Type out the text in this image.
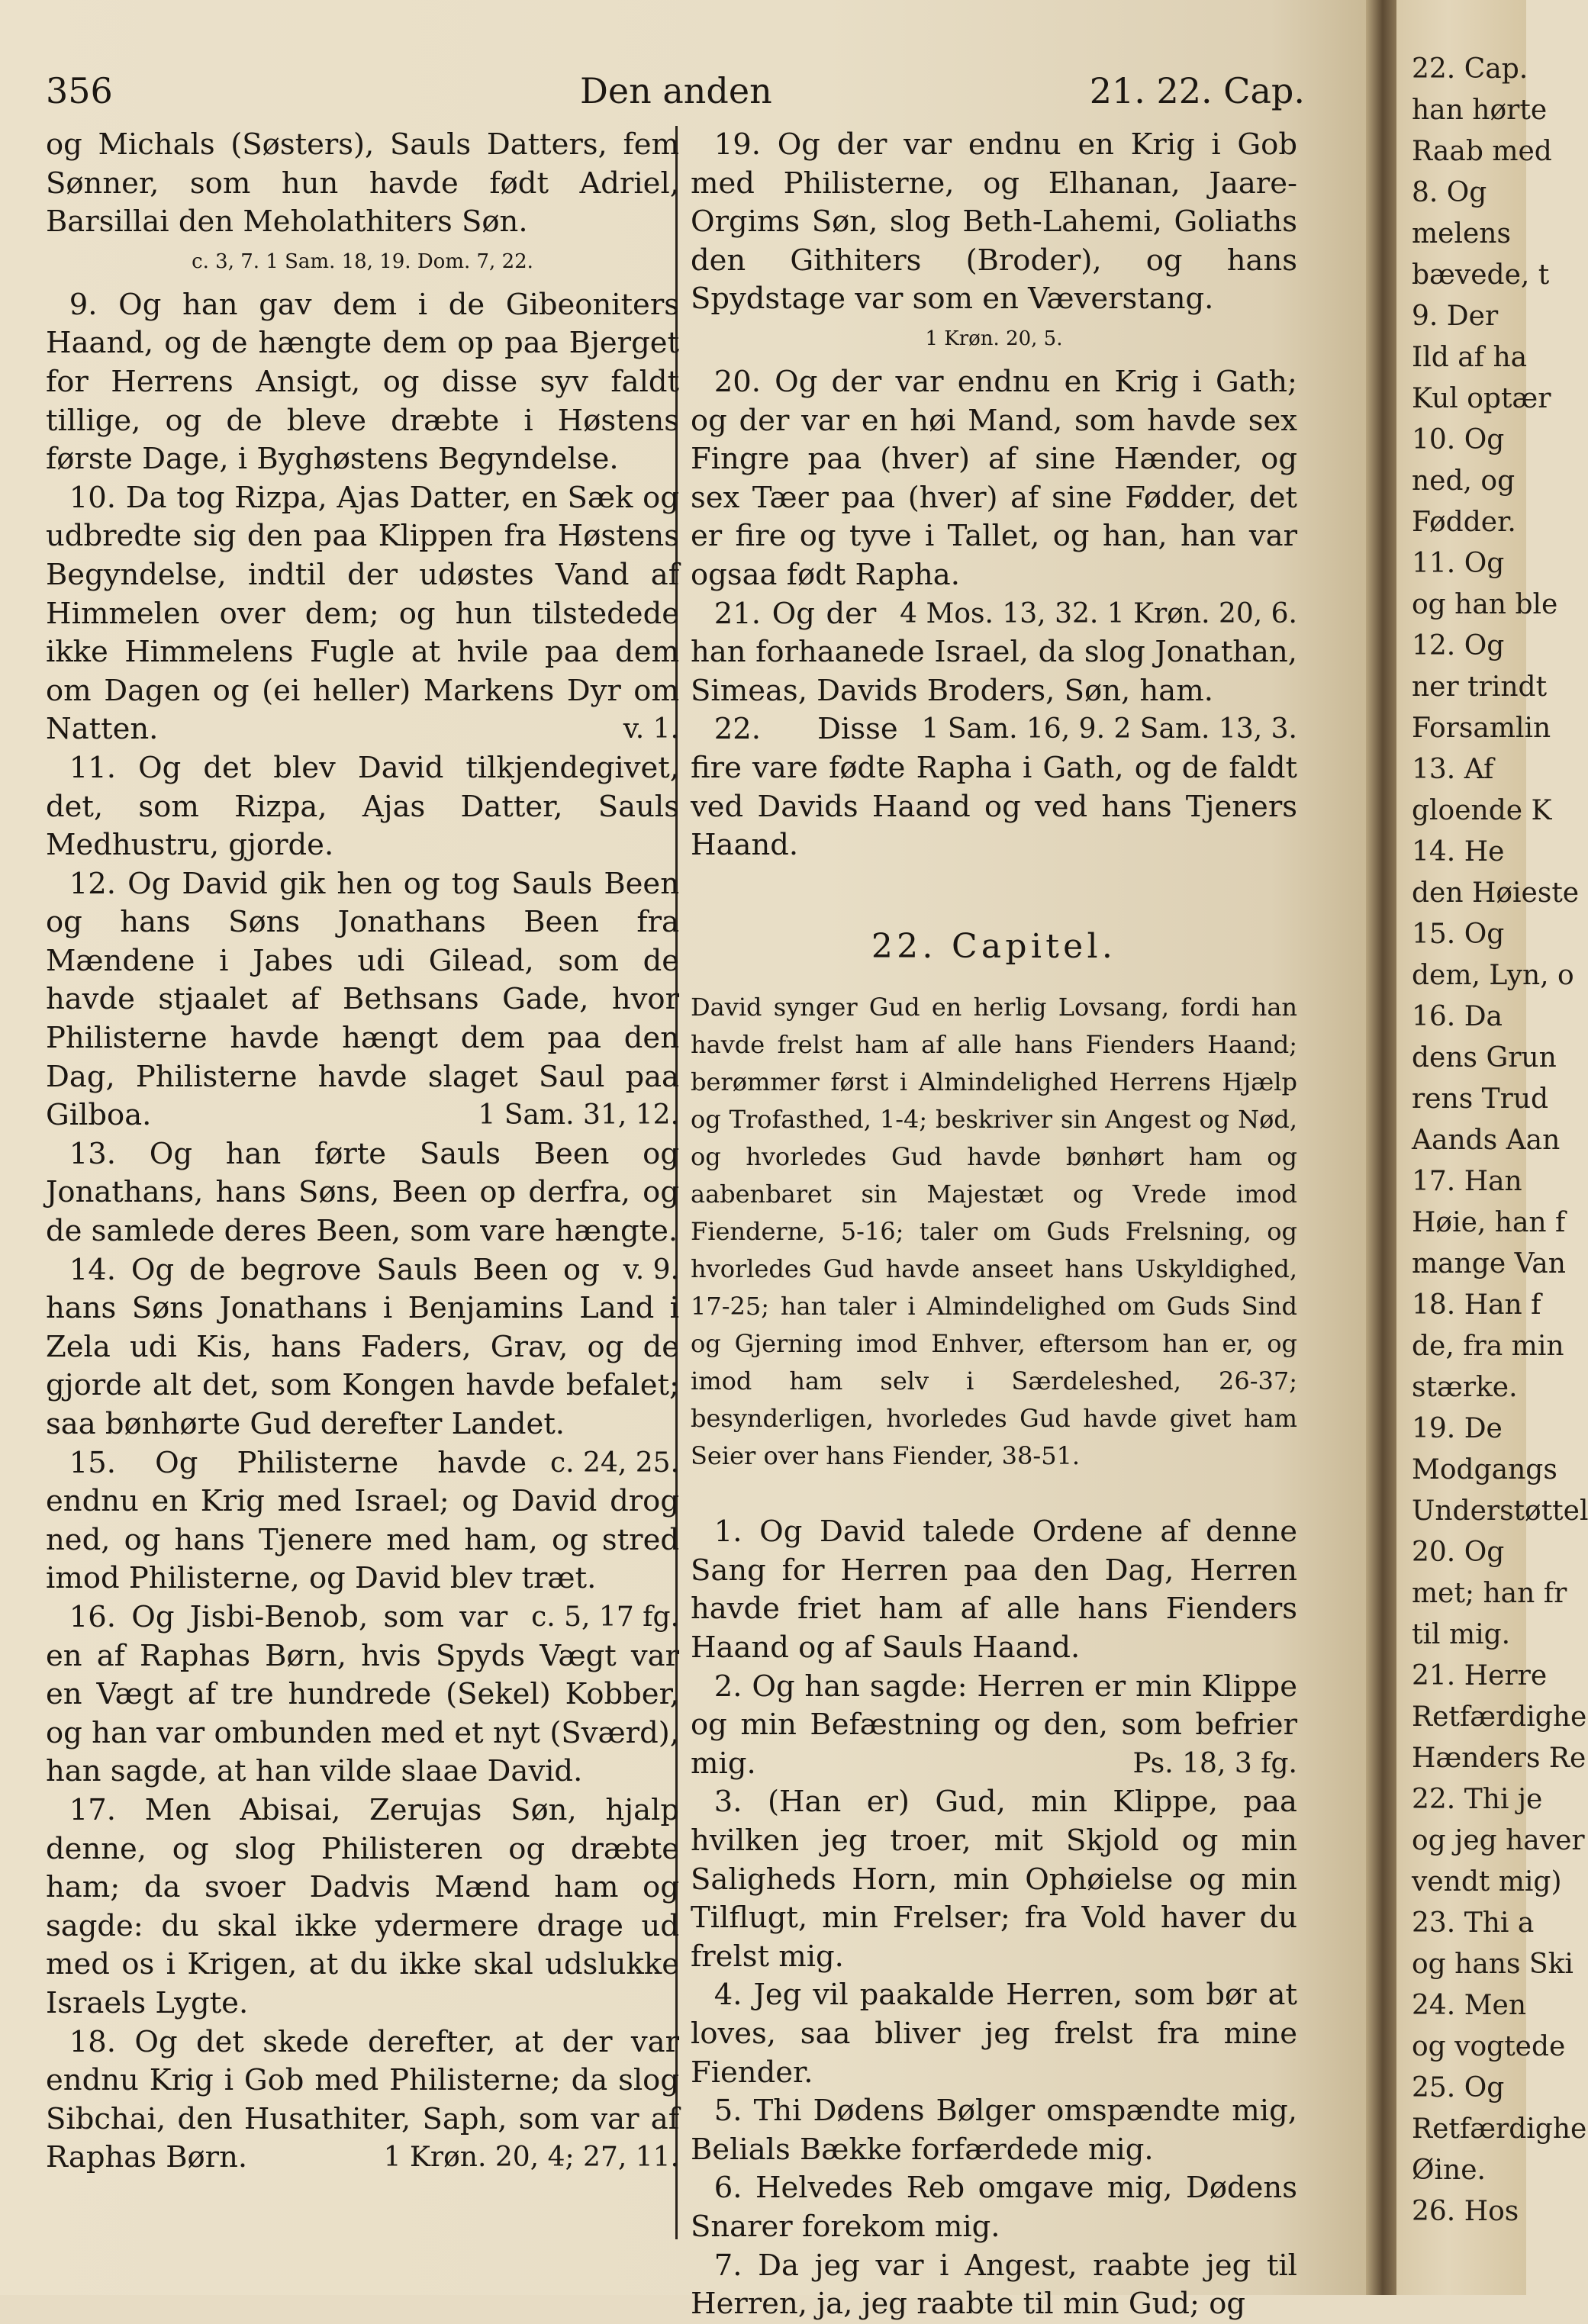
356	Den anden	21. 22. Cap.

og Michals (Søsters), Sauls Datters, fem Sønner, som hun havde født Adriel, Barsillai den Meholathiters Søn.

c. 3, 7. 1 Sam. 18, 19. Dom. 7, 22.

9. Og han gav dem i de Gibeoniters Haand, og de hængte dem op paa Bjerget for Herrens Ansigt, og disse syv faldt tillige, og de bleve dræbte i Høstens første Dage, i Byghøstens Begyndelse.

10. Da tog Rizpa, Ajas Datter, en Sæk og udbredte sig den paa Klippen fra Høstens Begyndelse, indtil der udøstes Vand af Himmelen over dem; og hun tilstedede ikke Himmelens Fugle at hvile paa dem om Dagen og (ei heller) Markens Dyr om Natten.	v. 1.

11. Og det blev David tilkjendegivet, det, som Rizpa, Ajas Datter, Sauls Medhustru, gjorde.

12. Og David gik hen og tog Sauls Been og hans Søns Jonathans Been fra Mændene i Jabes udi Gilead, som de havde stjaalet af Bethsans Gade, hvor Philisterne havde hængt dem paa den Dag, Philisterne havde slaget Saul paa Gilboa.	1 Sam. 31, 12.

13. Og han førte Sauls Been og Jonathans, hans Søns, Been op derfra, og de samlede deres Been, som vare hængte.
v. 9.

14. Og de begrove Sauls Been og hans Søns Jonathans i Benjamins Land i Zela udi Kis, hans Faders, Grav, og de gjorde alt det, som Kongen havde befalet; saa bønhørte Gud derefter Landet.
c. 24, 25.

15. Og Philisterne havde endnu en Krig med Israel; og David drog ned, og hans Tjenere med ham, og stred imod Philisterne, og David blev træt.
c. 5, 17 fg.

16. Og Jisbi-Benob, som var en af Raphas Børn, hvis Spyds Vægt var en Vægt af tre hundrede (Sekel) Kobber, og han var ombunden med et nyt (Sværd), han sagde, at han vilde slaae David.

17. Men Abisai, Zerujas Søn, hjalp denne, og slog Philisteren og dræbte ham; da svoer Dadvis Mænd ham og sagde: du skal ikke ydermere drage ud med os i Krigen, at du ikke skal udslukke Israels Lygte.

18. Og det skede derefter, at der var endnu Krig i Gob med Philisterne; da slog Sibchai, den Husathiter, Saph, som var af Raphas Børn.	1 Krøn. 20, 4; 27, 11.

19. Og der var endnu en Krig i Gob med Philisterne, og Elhanan, Jaare-Orgims Søn, slog Beth-Lahemi, Goliaths den Githiters (Broder), og hans Spydstage var som en Væverstang.

1 Krøn. 20, 5.

20. Og der var endnu en Krig i Gath; og der var en høi Mand, som havde sex Fingre paa (hver) af sine Hænder, og sex Tæer paa (hver) af sine Fødder, det er fire og tyve i Tallet, og han, han var ogsaa født Rapha.
4 Mos. 13, 32. 1 Krøn. 20, 6.

21. Og der han forhaanede Israel, da slog Jonathan, Simeas, Davids Broders, Søn, ham.
1 Sam. 16, 9. 2 Sam. 13, 3.

22. Disse fire vare fødte Rapha i Gath, og de faldt ved Davids Haand og ved hans Tjeners Haand.

22. Capitel.
David synger Gud en herlig Lovsang, fordi han havde frelst ham af alle hans Fienders Haand; berømmer først i Almindelighed Herrens Hjælp og Trofasthed, 1-4; beskriver sin Angest og Nød, og hvorledes Gud havde bønhørt ham og aabenbaret sin Majestæt og Vrede imod Fienderne, 5-16; taler om Guds Frelsning, og hvorledes Gud havde anseet hans Uskyldighed, 17-25; han taler i Almindelighed om Guds Sind og Gjerning imod Enhver, eftersom han er, og imod ham selv i Særdeleshed, 26-37; besynderligen, hvorledes Gud havde givet ham Seier over hans Fiender, 38-51.

1. Og David talede Ordene af denne Sang for Herren paa den Dag, Herren havde friet ham af alle hans Fienders Haand og af Sauls Haand.

2. Og han sagde: Herren er min Klippe og min Befæstning og den, som befrier mig.	Ps. 18, 3 fg.

3. (Han er) Gud, min Klippe, paa hvilken jeg troer, mit Skjold og min Saligheds Horn, min Ophøielse og min Tilflugt, min Frelser; fra Vold haver du frelst mig.

4. Jeg vil paakalde Herren, som bør at loves, saa bliver jeg frelst fra mine Fiender.

5. Thi Dødens Bølger omspændte mig, Belials Bække forfærdede mig.

6. Helvedes Reb omgave mig, Dødens Snarer forekom mig.

7. Da jeg var i Angest, raabte jeg til Herren, ja, jeg raabte til min Gud; og

22. Cap.
han hørte
Raab med
8. Og
melens
bævede, t
9. Der
Ild af ha
Kul optær
10. Og
ned, og
Fødder.
11. Og
og han ble
12. Og
ner trindt
Forsamlin
13. Af
gloende K
14. He
den Høieste
15. Og
dem, Lyn, o
16. Da
dens Grun
rens Trud
Aands Aan
17. Han
Høie, han f
mange Van
18. Han f
de, fra min
stærke.
19. De
Modgangs
Understøttel
20. Og
met; han fr
til mig.
21. Herre
Retfærdighe
Hænders Re
22. Thi je
og jeg haver
vendt mig)
23. Thi a
og hans Ski
24. Men
og vogtede
25. Og
Retfærdighe
Øine.
26. Hos
